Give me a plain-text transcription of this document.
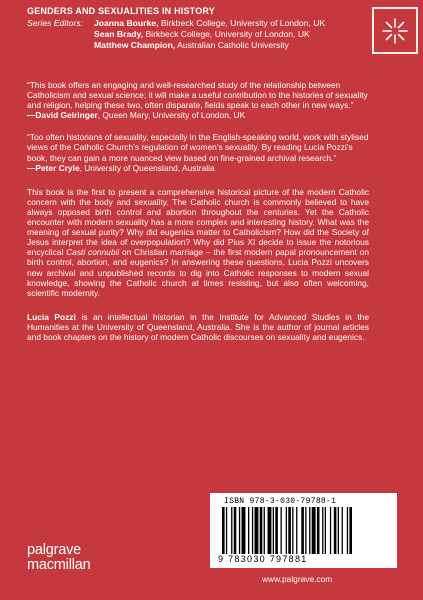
GENDERS AND SEXUALITIES IN HISTORY
Series Editors:	Joanna Bourke, Birkbeck College, University of London, UK
Sean Brady, Birkbeck College, University of London, UK
Matthew Champion, Australian Catholic University

“This book offers an engaging and well-researched study of the relationship between Catholicism and sexual science; it will make a useful contribution to the histories of sexuality and religion, helping these two, often disparate, fields speak to each other in new ways.”

—David Geiringer, Queen Mary, University of London, UK

“Too often historians of sexuality, especially in the English-speaking world, work with stylised views of the Catholic Church’s regulation of women’s sexuality. By reading Lucia Pozzi’s book, they can gain a more nuanced view based on fine-grained archival research.”

—Peter Cryle, University of Queensland, Australia

This book is the first to present a comprehensive historical picture of the modern Catholic concern with the body and sexuality. The Catholic church is commonly believed to have always opposed birth control and abortion throughout the centuries. Yet the Catholic encounter with modern sexuality has a more complex and interesting history. What was the meaning of sexual purity? Why did eugenics matter to Catholicism? How did the Society of Jesus interpret the idea of overpopulation? Why did Pius XI decide to issue the notorious encyclical Casti connubii on Christian marriage – the first modern papal pronouncement on birth control, abortion, and eugenics? In answering these questions, Lucia Pozzi uncovers new archival and unpublished records to dig into Catholic responses to modern sexual knowledge, showing the Catholic church at times resisting, but also often welcoming, scientific modernity.

Lucia Pozzi is an intellectual historian in the Institute for Advanced Studies in the Humanities at the University of Queensland, Australia. She is the author of journal articles and book chapters on the history of modern Catholic discourses on sexuality and eugenics.

ISBN 978-3-030-79788-1
9 783030 797881
palgrave
macmillan
www.palgrave.com
